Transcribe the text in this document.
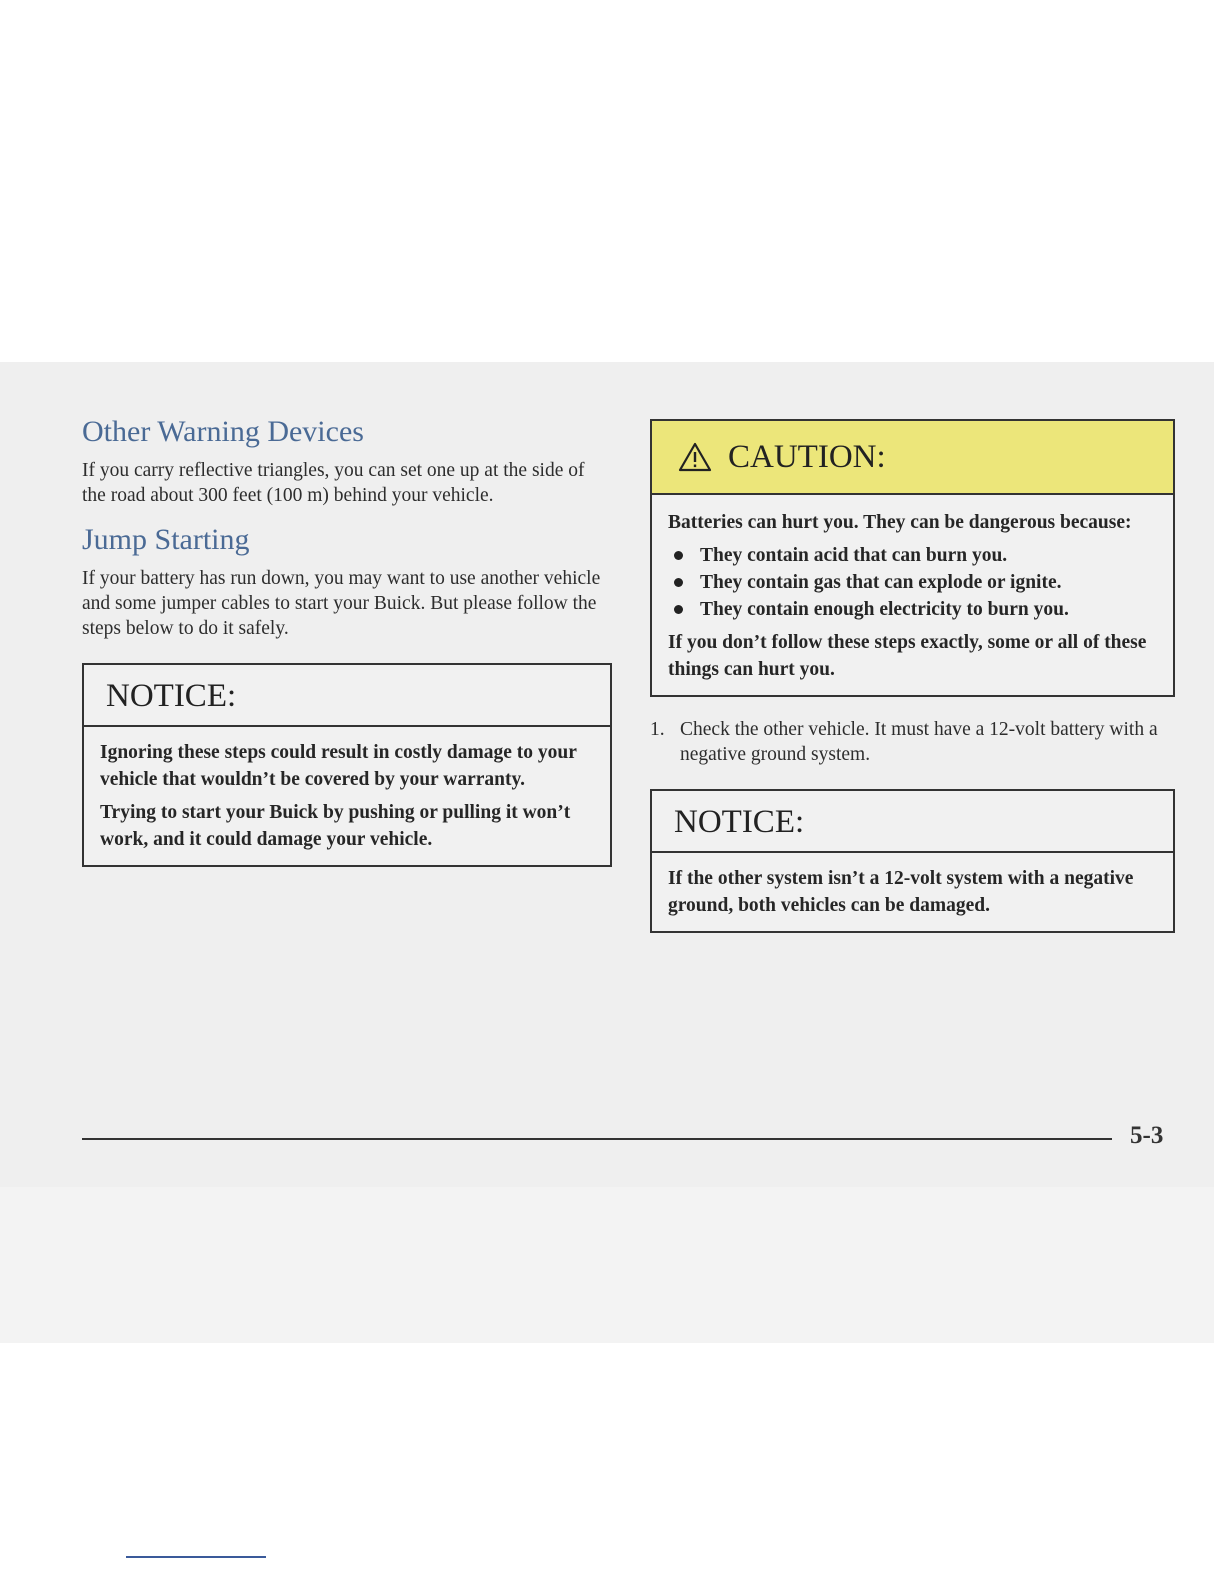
Other Warning Devices

If you carry reflective triangles, you can set one up at the side of the road about 300 feet (100 m) behind your vehicle.

Jump Starting

If your battery has run down, you may want to use another vehicle and some jumper cables to start your Buick. But please follow the steps below to do it safely.

NOTICE:

Ignoring these steps could result in costly damage to your vehicle that wouldn’t be covered by your warranty.

Trying to start your Buick by pushing or pulling it won’t work, and it could damage your vehicle.

CAUTION:

Batteries can hurt you. They can be dangerous because:

They contain acid that can burn you.
They contain gas that can explode or ignite.
They contain enough electricity to burn you.

If you don’t follow these steps exactly, some or all of these things can hurt you.

1. Check the other vehicle. It must have a 12-volt battery with a negative ground system.
NOTICE:

If the other system isn’t a 12-volt system with a negative ground, both vehicles can be damaged.

5-3
